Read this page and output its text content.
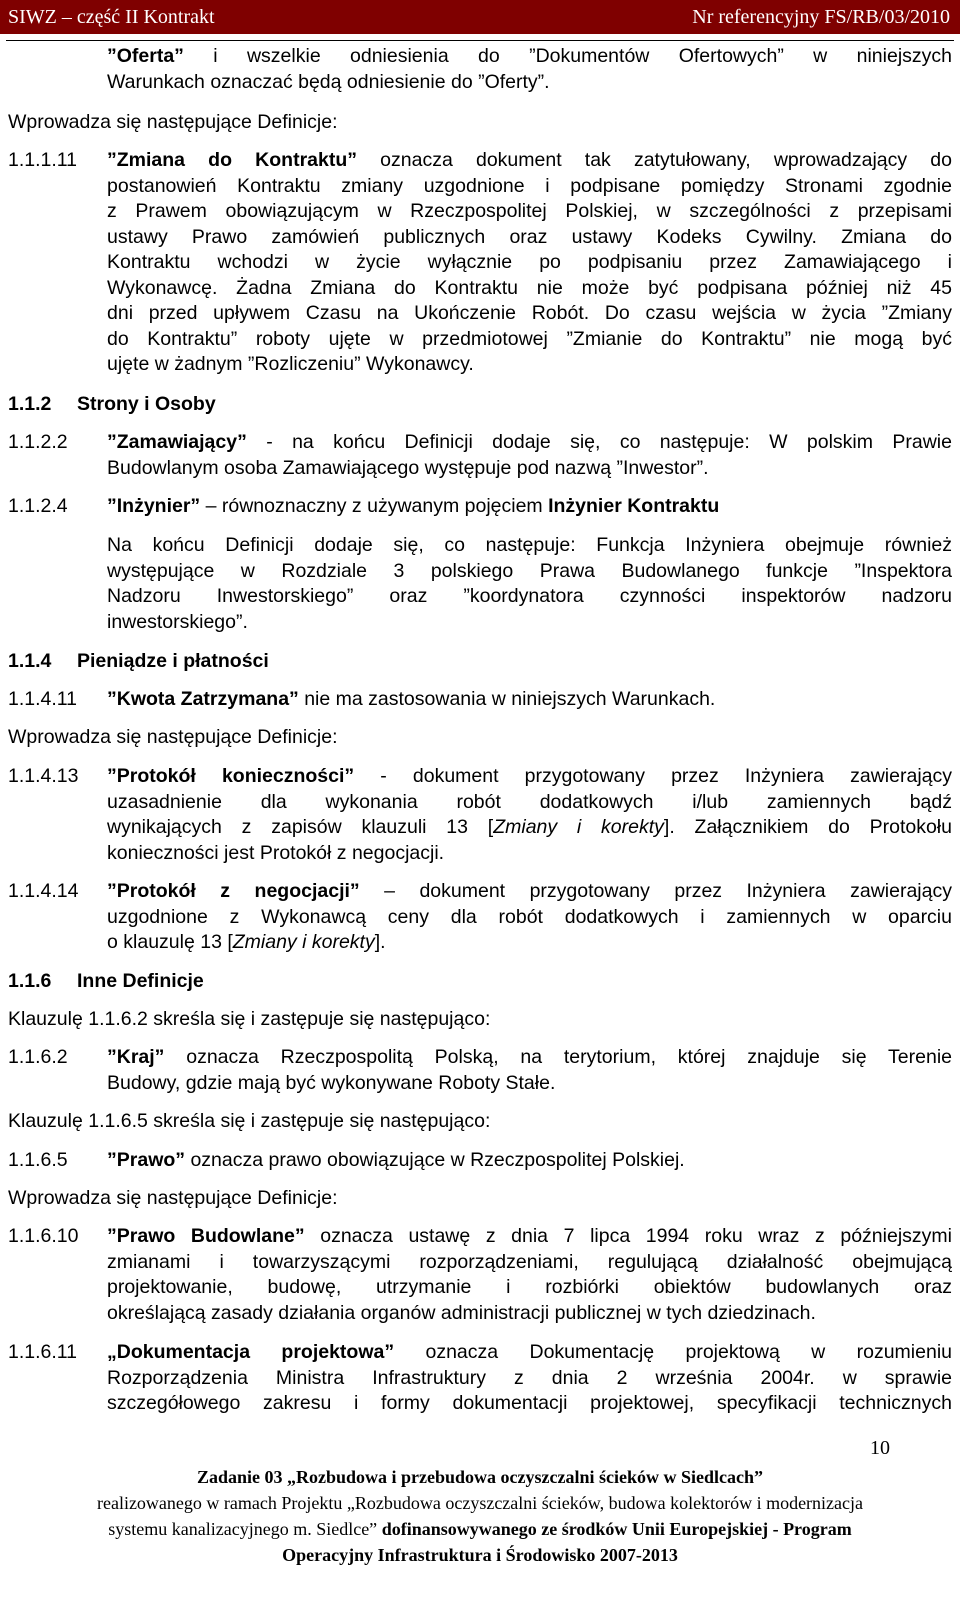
SIWZ – część II Kontrakt	Nr referencyjny FS/RB/03/2010
”Oferta” i wszelkie odniesienia do ”Dokumentów Ofertowych” w niniejszych
Warunkach oznaczać będą odniesienie do ”Oferty”.
Wprowadza się następujące Definicje:
1.1.1.11 ”Zmiana do Kontraktu” oznacza dokument tak zatytułowany, wprowadzający do
postanowień Kontraktu zmiany uzgodnione i podpisane pomiędzy Stronami zgodnie
z Prawem obowiązującym w Rzeczpospolitej Polskiej, w szczególności z przepisami
ustawy Prawo zamówień publicznych oraz ustawy Kodeks Cywilny. Zmiana do
Kontraktu wchodzi w życie wyłącznie po podpisaniu przez Zamawiającego i
Wykonawcę. Żadna Zmiana do Kontraktu nie może być podpisana później niż 45
dni przed upływem Czasu na Ukończenie Robót. Do czasu wejścia w życia ”Zmiany
do Kontraktu” roboty ujęte w przedmiotowej ”Zmianie do Kontraktu” nie mogą być
ujęte w żadnym ”Rozliczeniu” Wykonawcy.
1.1.2 Strony i Osoby
1.1.2.2 ”Zamawiający” - na końcu Definicji dodaje się, co następuje: W polskim Prawie
Budowlanym osoba Zamawiającego występuje pod nazwą ”Inwestor”.
1.1.2.4 ”Inżynier” – równoznaczny z używanym pojęciem Inżynier Kontraktu
Na końcu Definicji dodaje się, co następuje: Funkcja Inżyniera obejmuje również
występujące w Rozdziale 3 polskiego Prawa Budowlanego funkcje ”Inspektora
Nadzoru Inwestorskiego” oraz ”koordynatora czynności inspektorów nadzoru
inwestorskiego”.
1.1.4 Pieniądze i płatności
1.1.4.11 ”Kwota Zatrzymana” nie ma zastosowania w niniejszych Warunkach.
Wprowadza się następujące Definicje:
1.1.4.13 ”Protokół konieczności” - dokument przygotowany przez Inżyniera zawierający
uzasadnienie dla wykonania robót dodatkowych i/lub zamiennych bądź
wynikających z zapisów klauzuli 13 [Zmiany i korekty]. Załącznikiem do Protokołu
konieczności jest Protokół z negocjacji.
1.1.4.14 ”Protokół z negocjacji” – dokument przygotowany przez Inżyniera zawierający
uzgodnione z Wykonawcą ceny dla robót dodatkowych i zamiennych w oparciu
o klauzulę 13 [Zmiany i korekty].
1.1.6 Inne Definicje
Klauzulę 1.1.6.2 skreśla się i zastępuje się następująco:
1.1.6.2 ”Kraj” oznacza Rzeczpospolitą Polską, na terytorium, której znajduje się Terenie
Budowy, gdzie mają być wykonywane Roboty Stałe.
Klauzulę 1.1.6.5 skreśla się i zastępuje się następująco:
1.1.6.5 ”Prawo” oznacza prawo obowiązujące w Rzeczpospolitej Polskiej.
Wprowadza się następujące Definicje:
1.1.6.10 ”Prawo Budowlane” oznacza ustawę z dnia 7 lipca 1994 roku wraz z późniejszymi
zmianami i towarzyszącymi rozporządzeniami, regulującą działalność obejmującą
projektowanie, budowę, utrzymanie i rozbiórki obiektów budowlanych oraz
określającą zasady działania organów administracji publicznej w tych dziedzinach.
1.1.6.11 „Dokumentacja projektowa” oznacza Dokumentację projektową w rozumieniu
Rozporządzenia Ministra Infrastruktury z dnia 2 września 2004r. w sprawie
szczegółowego zakresu i formy dokumentacji projektowej, specyfikacji technicznych
10
Zadanie 03 „Rozbudowa i przebudowa oczyszczalni ścieków w Siedlcach”
realizowanego w ramach Projektu „Rozbudowa oczyszczalni ścieków, budowa kolektorów i modernizacja
systemu kanalizacyjnego m. Siedlce” dofinansowywanego ze środków Unii Europejskiej - Program
Operacyjny Infrastruktura i Środowisko 2007-2013
